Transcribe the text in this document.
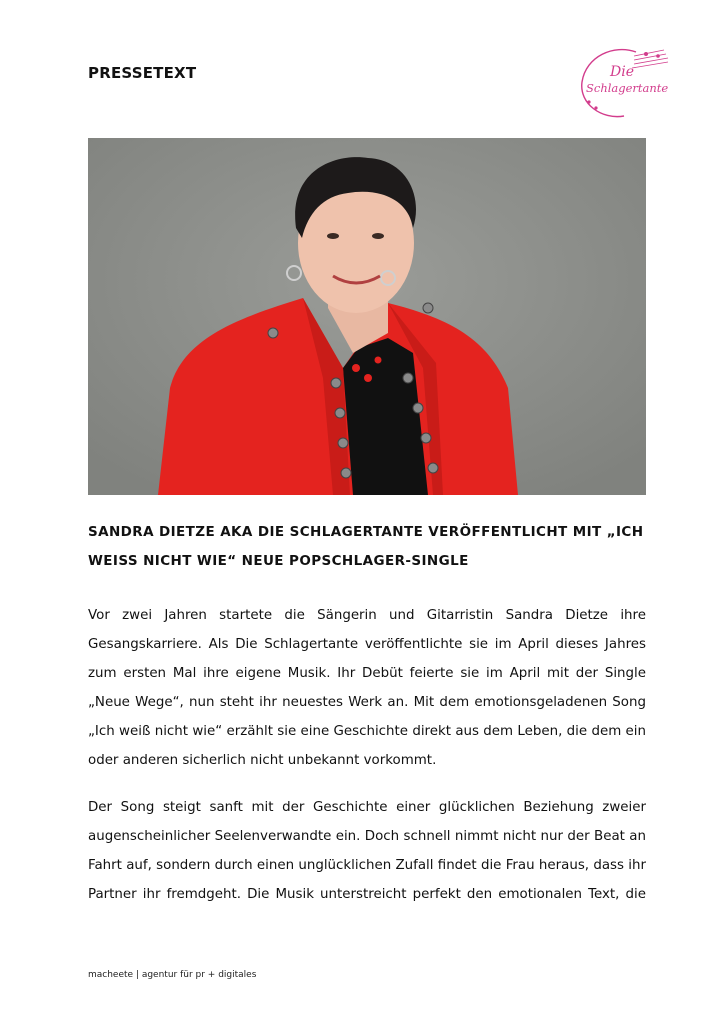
PRESSETEXT	Die
Schlagertante
SANDRA DIETZE AKA DIE SCHLAGERTANTE VERÖFFENTLICHT MIT „ICH
WEISS NICHT WIE“ NEUE POPSCHLAGER-SINGLE
Vor zwei Jahren startete die Sängerin und Gitarristin Sandra Dietze ihre
Gesangskarriere. Als Die Schlagertante veröffentlichte sie im April dieses Jahres
zum ersten Mal ihre eigene Musik. Ihr Debüt feierte sie im April mit der Single
„Neue Wege“, nun steht ihr neuestes Werk an. Mit dem emotionsgeladenen Song
„Ich weiß nicht wie“ erzählt sie eine Geschichte direkt aus dem Leben, die dem ein
oder anderen sicherlich nicht unbekannt vorkommt.
Der Song steigt sanft mit der Geschichte einer glücklichen Beziehung zweier
augenscheinlicher Seelenverwandte ein. Doch schnell nimmt nicht nur der Beat an
Fahrt auf, sondern durch einen unglücklichen Zufall findet die Frau heraus, dass ihr
Partner ihr fremdgeht. Die Musik unterstreicht perfekt den emotionalen Text, die
macheete | agentur für pr + digitales
